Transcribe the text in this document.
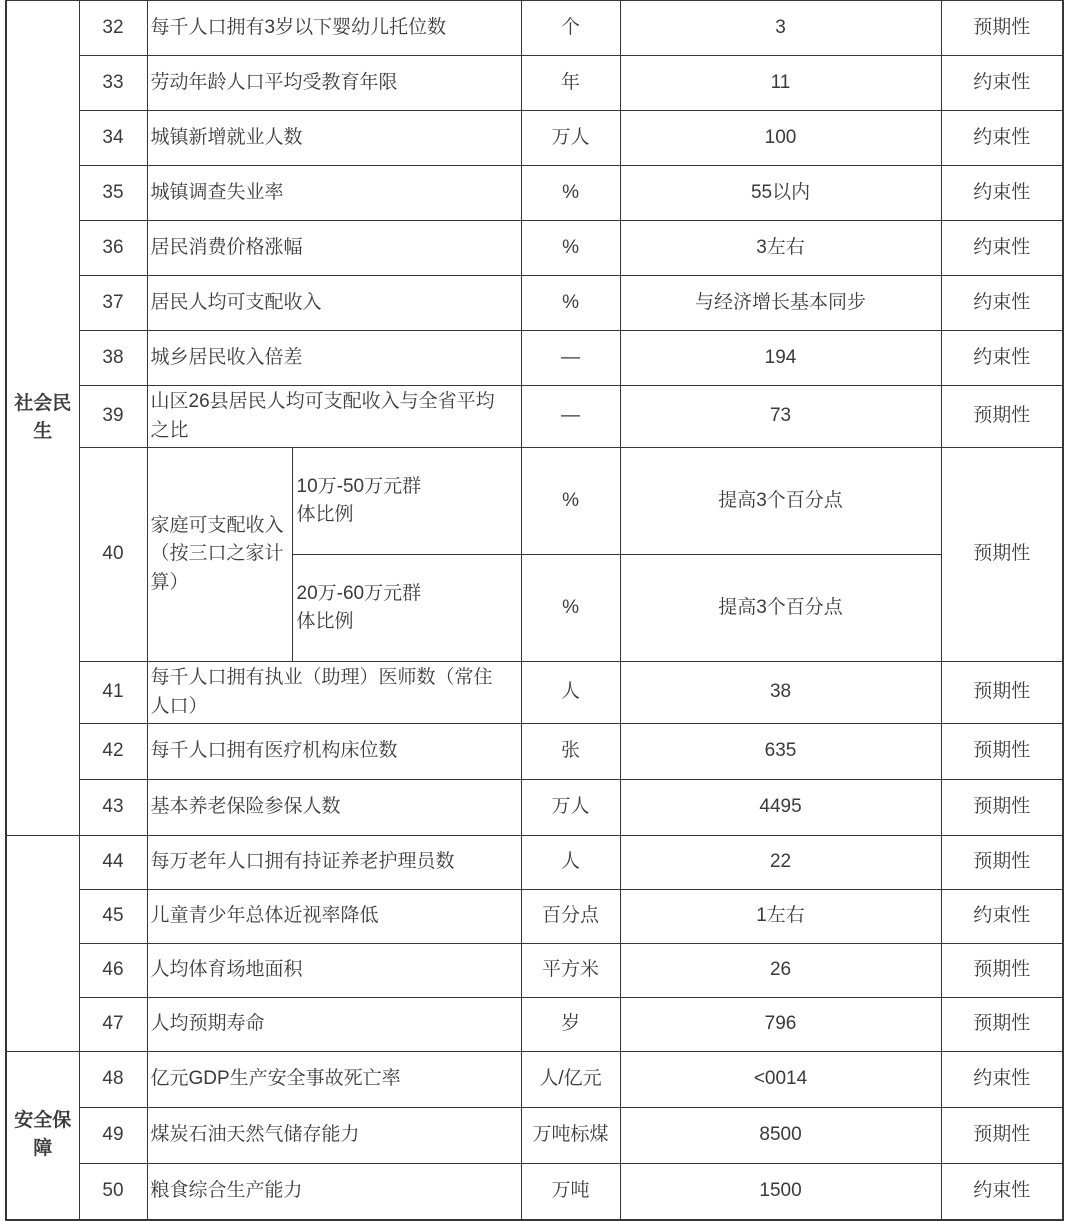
社会民生	32	每千人口拥有3岁以下婴幼儿托位数		个	3	预期性
	33	劳动年龄人口平均受教育年限		年	11	约束性
	34	城镇新增就业人数		万人	100	约束性
	35	城镇调查失业率		%	55以内	约束性
	36	居民消费价格涨幅		%	3左右	约束性
	37	居民人均可支配收入		%	与经济增长基本同步	约束性
	38	城乡居民收入倍差		—	194	约束性
	39	山区26县居民人均可支配收入与全省平均之比		—	73	预期性
	40	家庭可支配收入（按三口之家计算）	10万-50万元群体比例	%	提高3个百分点	预期性
			20万-60万元群体比例	%	提高3个百分点	
	41	每千人口拥有执业（助理）医师数（常住人口）		人	38	预期性
	42	每千人口拥有医疗机构床位数		张	635	预期性
	43	基本养老保险参保人数		万人	4495	预期性
	44	每万老年人口拥有持证养老护理员数		人	22	预期性
	45	儿童青少年总体近视率降低		百分点	1左右	约束性
	46	人均体育场地面积		平方米	26	预期性
	47	人均预期寿命		岁	796	预期性
安全保障	48	亿元GDP生产安全事故死亡率		人/亿元	<0014	约束性
	49	煤炭石油天然气储存能力		万吨标煤	8500	预期性
	50	粮食综合生产能力		万吨	1500	约束性
